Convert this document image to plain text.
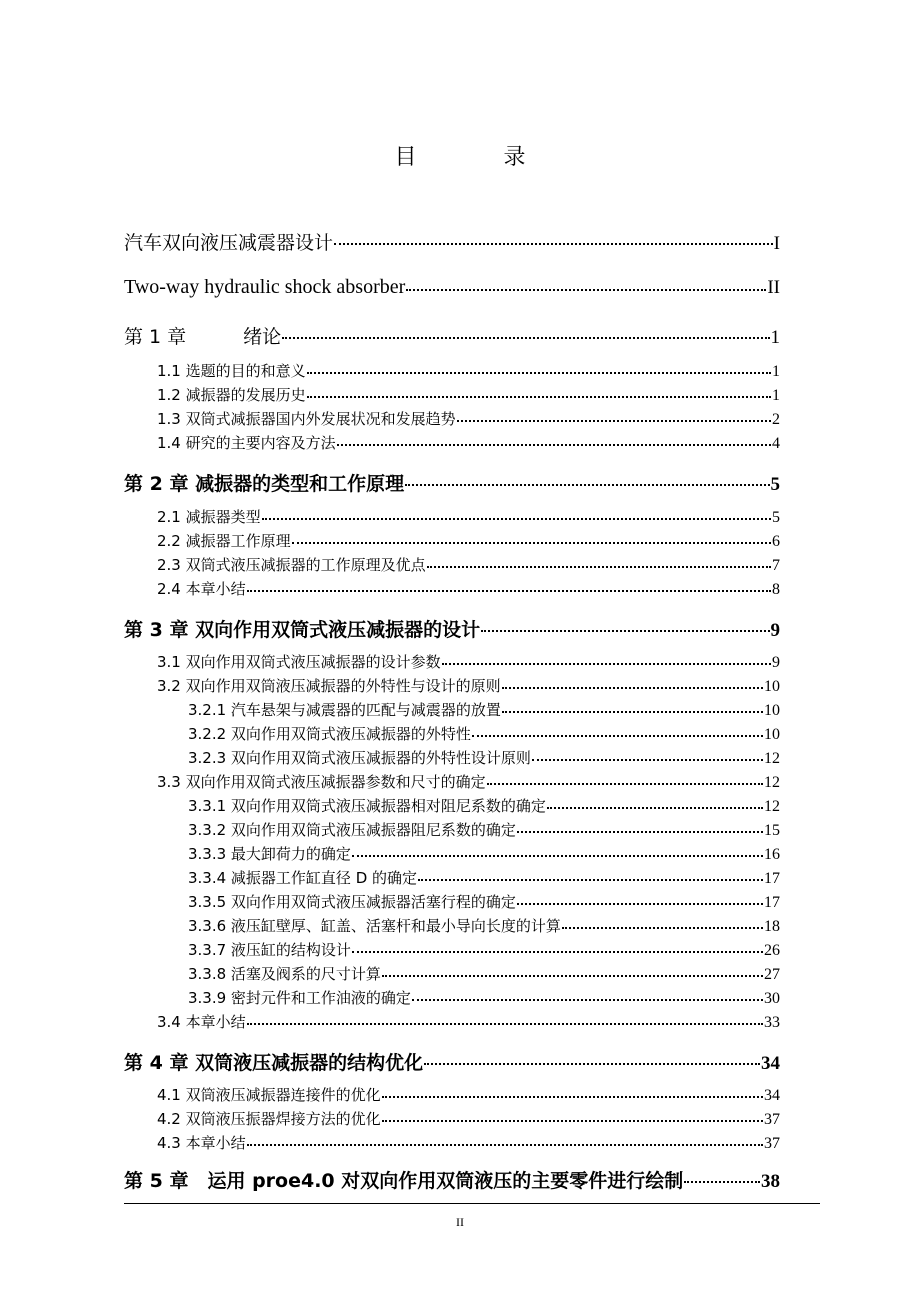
目 录
汽车双向液压减震器设计	I
Two-way hydraulic shock absorber	II
第 1 章　　　绪论	1
1.1 选题的目的和意义	1
1.2 减振器的发展历史	1
1.3 双筒式减振器国内外发展状况和发展趋势	2
1.4 研究的主要内容及方法	4
第 2 章 减振器的类型和工作原理	5
2.1 减振器类型	5
2.2 减振器工作原理	6
2.3 双筒式液压减振器的工作原理及优点	7
2.4 本章小结	8
第 3 章 双向作用双筒式液压减振器的设计	9
3.1 双向作用双筒式液压减振器的设计参数	9
3.2 双向作用双筒液压减振器的外特性与设计的原则	10
3.2.1 汽车悬架与减震器的匹配与减震器的放置	10
3.2.2 双向作用双筒式液压减振器的外特性	10
3.2.3 双向作用双筒式液压减振器的外特性设计原则	12
3.3 双向作用双筒式液压减振器参数和尺寸的确定	12
3.3.1 双向作用双筒式液压减振器相对阻尼系数的确定	12
3.3.2 双向作用双筒式液压减振器阻尼系数的确定	15
3.3.3 最大卸荷力的确定	16
3.3.4 减振器工作缸直径 D 的确定	17
3.3.5 双向作用双筒式液压减振器活塞行程的确定	17
3.3.6 液压缸壁厚、缸盖、活塞杆和最小导向长度的计算	18
3.3.7 液压缸的结构设计	26
3.3.8 活塞及阀系的尺寸计算	27
3.3.9 密封元件和工作油液的确定	30
3.4 本章小结	33
第 4 章 双筒液压减振器的结构优化	34
4.1 双筒液压减振器连接件的优化	34
4.2 双筒液压振器焊接方法的优化	37
4.3 本章小结	37
第 5 章　运用 proe4.0 对双向作用双筒液压的主要零件进行绘制	38
II
